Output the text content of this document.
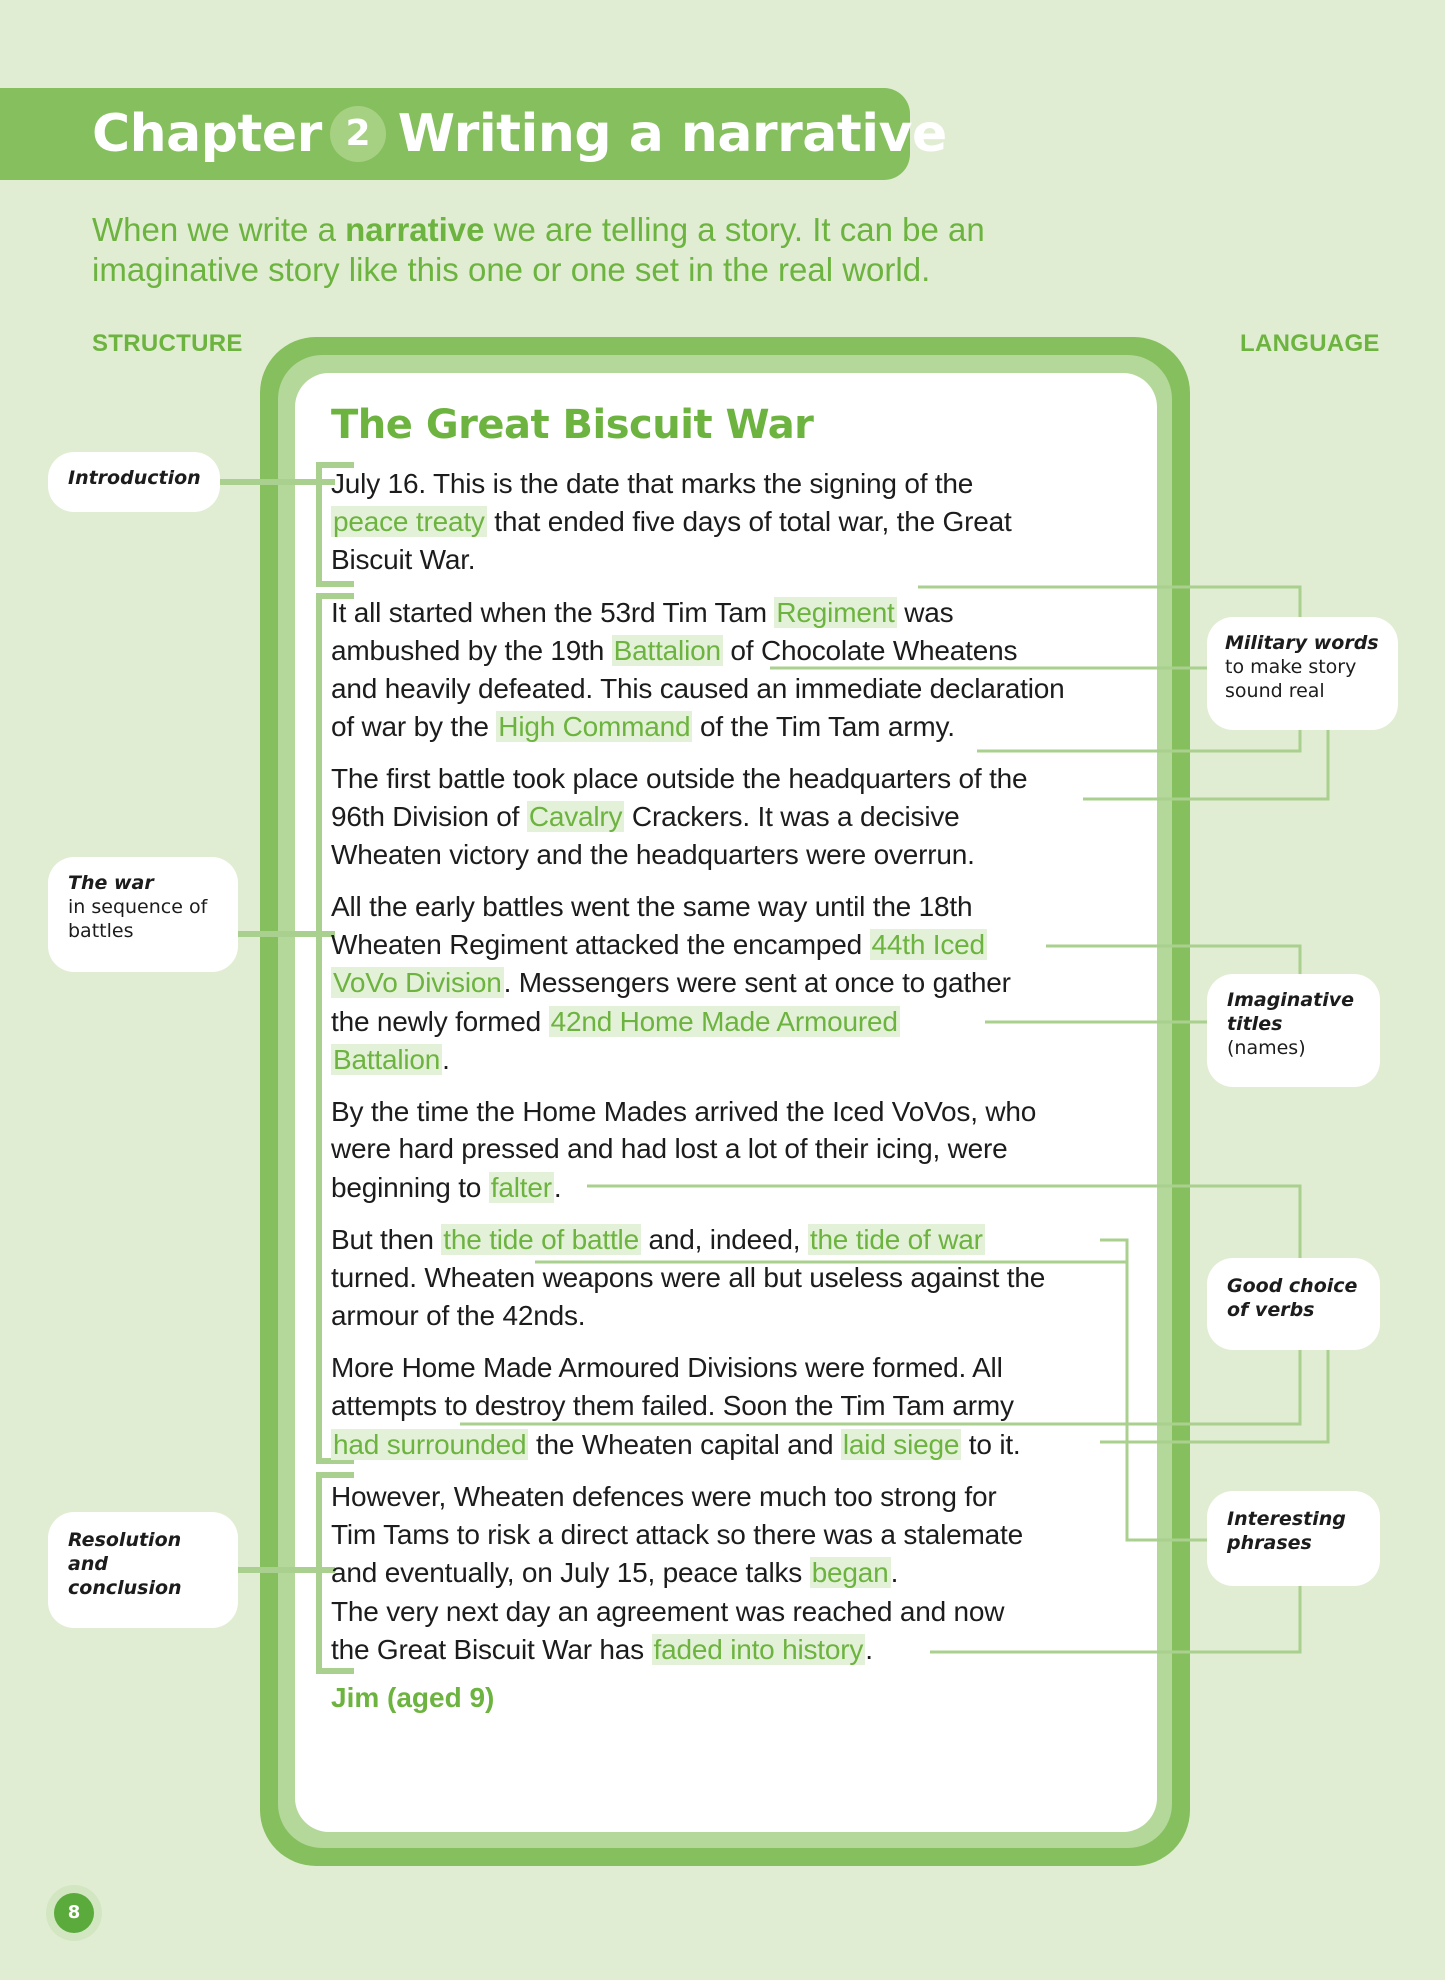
Chapter 2 Writing a narrative
When we write a narrative we are telling a story. It can be an
imaginative story like this one or one set in the real world.
STRUCTURE	LANGUAGE
The Great Biscuit War
July 16. This is the date that marks the signing of the
peace treaty that ended five days of total war, the Great
Biscuit War.
It all started when the 53rd Tim Tam Regiment was
ambushed by the 19th Battalion of Chocolate Wheatens
and heavily defeated. This caused an immediate declaration
of war by the High Command of the Tim Tam army.
The first battle took place outside the headquarters of the
96th Division of Cavalry Crackers. It was a decisive
Wheaten victory and the headquarters were overrun.
All the early battles went the same way until the 18th
Wheaten Regiment attacked the encamped 44th Iced
VoVo Division. Messengers were sent at once to gather
the newly formed 42nd Home Made Armoured
Battalion.
By the time the Home Mades arrived the Iced VoVos, who
were hard pressed and had lost a lot of their icing, were
beginning to falter.
But then the tide of battle and, indeed, the tide of war
turned. Wheaten weapons were all but useless against the
armour of the 42nds.
More Home Made Armoured Divisions were formed. All
attempts to destroy them failed. Soon the Tim Tam army
had surrounded the Wheaten capital and laid siege to it.
However, Wheaten defences were much too strong for
Tim Tams to risk a direct attack so there was a stalemate
and eventually, on July 15, peace talks began.
The very next day an agreement was reached and now
the Great Biscuit War has faded into history.
Jim (aged 9)
Introduction
The war
in sequence of battles
Resolution and conclusion
Military words
to make story sound real
Imaginative titles
(names)
Good choice of verbs
Interesting phrases
8
